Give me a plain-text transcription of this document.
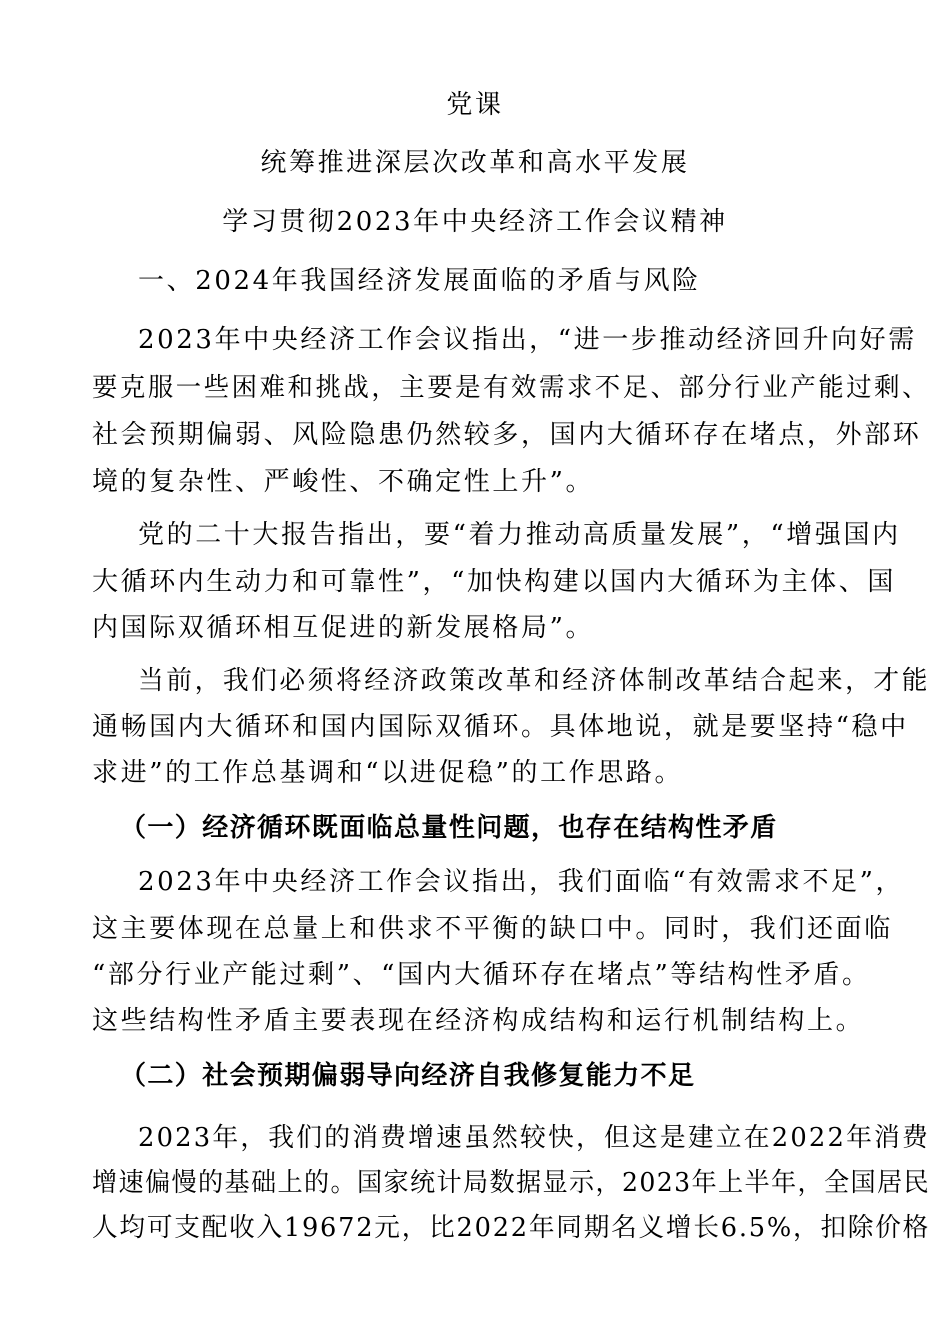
党课
统筹推进深层次改革和高水平发展
学习贯彻2023年中央经济工作会议精神
一、2024年我国经济发展面临的矛盾与风险
2023年中央经济工作会议指出，“进一步推动经济回升向好需
要克服一些困难和挑战，主要是有效需求不足、部分行业产能过剩、
社会预期偏弱、风险隐患仍然较多，国内大循环存在堵点，外部环
境的复杂性、严峻性、不确定性上升”。
党的二十大报告指出，要“着力推动高质量发展”，“增强国内
大循环内生动力和可靠性”，“加快构建以国内大循环为主体、国
内国际双循环相互促进的新发展格局”。
当前，我们必须将经济政策改革和经济体制改革结合起来，才能
通畅国内大循环和国内国际双循环。具体地说，就是要坚持“稳中
求进”的工作总基调和“以进促稳”的工作思路。
（一）经济循环既面临总量性问题，也存在结构性矛盾
2023年中央经济工作会议指出，我们面临“有效需求不足”，
这主要体现在总量上和供求不平衡的缺口中。同时，我们还面临
“部分行业产能过剩”、“国内大循环存在堵点”等结构性矛盾。
这些结构性矛盾主要表现在经济构成结构和运行机制结构上。
（二）社会预期偏弱导向经济自我修复能力不足
2023年，我们的消费增速虽然较快，但这是建立在2022年消费
增速偏慢的基础上的。国家统计局数据显示，2023年上半年，全国居民
人均可支配收入19672元，比2022年同期名义增长6.5%，扣除价格
